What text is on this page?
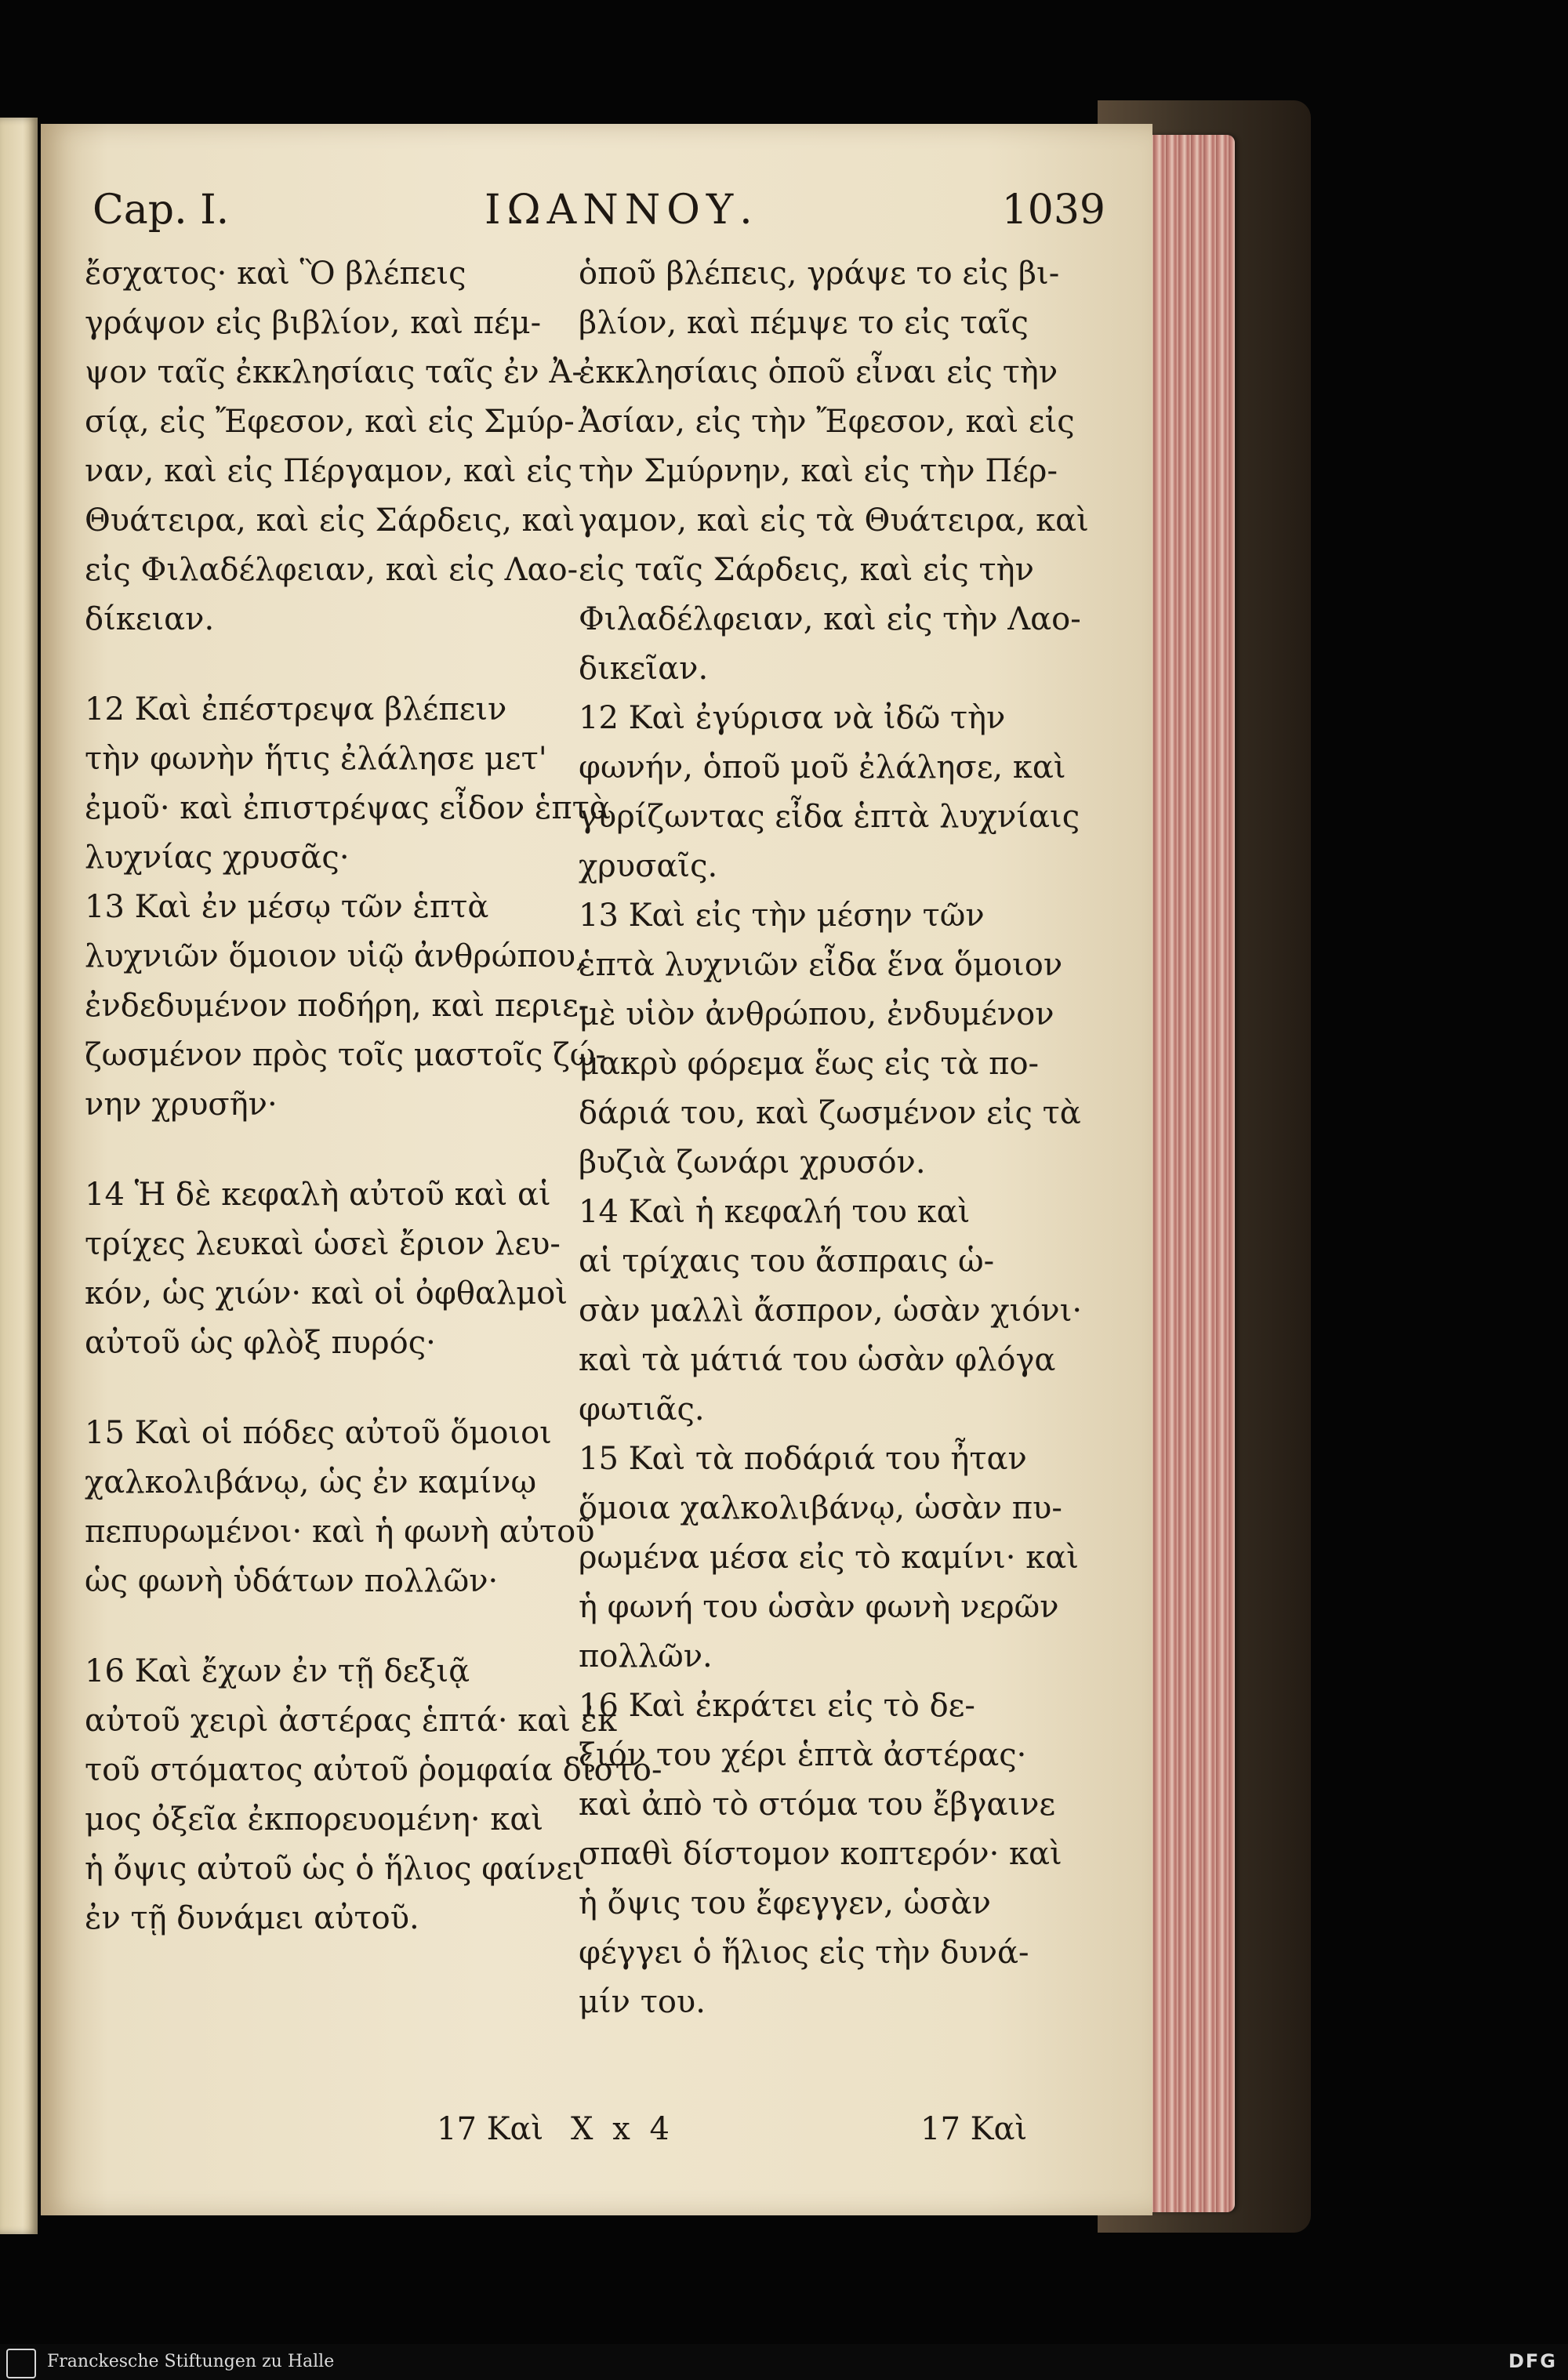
Cap. I.	ΙΩΑΝΝΟΥ.	1039

ἔσχατος· καὶ Ὃ βλέπεις

γράψον εἰς βιβλίον, καὶ πέμ-

ψον ταῖς ἐκκλησίαις ταῖς ἐν Ἀ-

σίᾳ, εἰς Ἔφεσον, καὶ εἰς Σμύρ-

ναν, καὶ εἰς Πέργαμον, καὶ εἰς

Θυάτειρα, καὶ εἰς Σάρδεις, καὶ

εἰς Φιλαδέλφειαν, καὶ εἰς Λαο-

δίκειαν.

12 Καὶ ἐπέστρεψα βλέπειν

τὴν φωνὴν ἥτις ἐλάλησε μετ'

ἐμοῦ· καὶ ἐπιστρέψας εἶδον ἑπτὰ

λυχνίας χρυσᾶς·

13 Καὶ ἐν μέσῳ τῶν ἑπτὰ

λυχνιῶν ὅμοιον υἱῷ ἀνθρώπου,

ἐνδεδυμένον ποδήρη, καὶ περιε-

ζωσμένον πρὸς τοῖς μαστοῖς ζώ-

νην χρυσῆν·

14 Ἡ δὲ κεφαλὴ αὐτοῦ καὶ αἱ

τρίχες λευκαὶ ὡσεὶ ἔριον λευ-

κόν, ὡς χιών· καὶ οἱ ὀφθαλμοὶ

αὐτοῦ ὡς φλὸξ πυρός·

15 Καὶ οἱ πόδες αὐτοῦ ὅμοιοι

χαλκολιβάνῳ, ὡς ἐν καμίνῳ

πεπυρωμένοι· καὶ ἡ φωνὴ αὐτοῦ

ὡς φωνὴ ὑδάτων πολλῶν·

16 Καὶ ἔχων ἐν τῇ δεξιᾷ

αὐτοῦ χειρὶ ἀστέρας ἑπτά· καὶ ἐκ

τοῦ στόματος αὐτοῦ ῥομφαία δίστο-

μος ὀξεῖα ἐκπορευομένη· καὶ

ἡ ὄψις αὐτοῦ ὡς ὁ ἥλιος φαίνει

ἐν τῇ δυνάμει αὐτοῦ.

ὁποῦ βλέπεις, γράψε το εἰς βι-

βλίον, καὶ πέμψε το εἰς ταῖς

ἐκκλησίαις ὁποῦ εἶναι εἰς τὴν

Ἀσίαν, εἰς τὴν Ἔφεσον, καὶ εἰς

τὴν Σμύρνην, καὶ εἰς τὴν Πέρ-

γαμον, καὶ εἰς τὰ Θυάτειρα, καὶ

εἰς ταῖς Σάρδεις, καὶ εἰς τὴν

Φιλαδέλφειαν, καὶ εἰς τὴν Λαο-

δικεῖαν.

12 Καὶ ἐγύρισα νὰ ἰδῶ τὴν

φωνήν, ὁποῦ μοῦ ἐλάλησε, καὶ

γυρίζωντας εἶδα ἑπτὰ λυχνίαις

χρυσαῖς.

13 Καὶ εἰς τὴν μέσην τῶν

ἑπτὰ λυχνιῶν εἶδα ἕνα ὅμοιον

μὲ υἱὸν ἀνθρώπου, ἐνδυμένον

μακρὺ φόρεμα ἕως εἰς τὰ πο-

δάριά του, καὶ ζωσμένον εἰς τὰ

βυζιὰ ζωνάρι χρυσόν.

14 Καὶ ἡ κεφαλή του καὶ

αἱ τρίχαις του ἄσπραις ὡ-

σὰν μαλλὶ ἄσπρον, ὡσὰν χιόνι·

καὶ τὰ μάτιά του ὡσὰν φλόγα

φωτιᾶς.

15 Καὶ τὰ ποδάριά του ἦταν

ὅμοια χαλκολιβάνῳ, ὡσὰν πυ-

ρωμένα μέσα εἰς τὸ καμίνι· καὶ

ἡ φωνή του ὡσὰν φωνὴ νερῶν

πολλῶν.

16 Καὶ ἐκράτει εἰς τὸ δε-

ξιόν του χέρι ἑπτὰ ἀστέρας·

καὶ ἀπὸ τὸ στόμα του ἔβγαινε

σπαθὶ δίστομον κοπτερόν· καὶ

ἡ ὄψις του ἔφεγγεν, ὡσὰν

φέγγει ὁ ἥλιος εἰς τὴν δυνά-

μίν του.

17 Καὶ X x 4	17 Καὶ
Franckesche Stiftungen zu Halle	DFG
